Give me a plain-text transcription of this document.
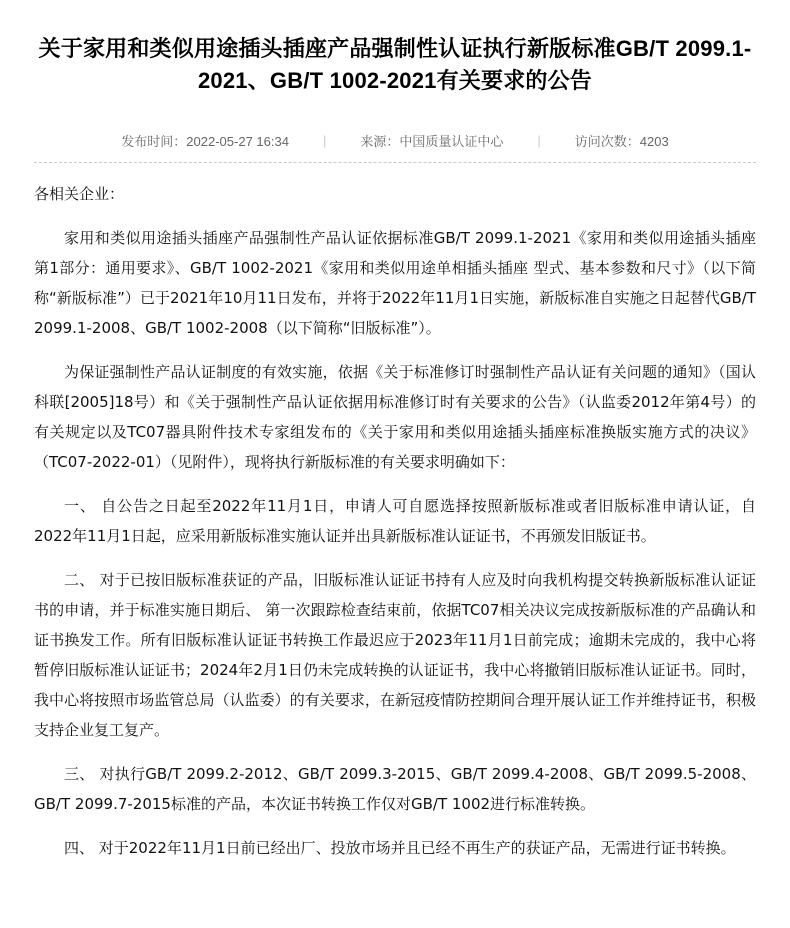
关于家用和类似用途插头插座产品强制性认证执行新版标准GB/T 2099.1-2021、GB/T 1002-2021有关要求的公告
发布时间：2022-05-27 16:34	|	来源：中国质量认证中心	|	访问次数：4203

各相关企业：

家用和类似用途插头插座产品强制性产品认证依据标准GB/T 2099.1-2021《家用和类似用途插头插座 第1部分：通用要求》、GB/T 1002-2021《家用和类似用途单相插头插座 型式、基本参数和尺寸》（以下简称“新版标准”）已于2021年10月11日发布，并将于2022年11月1日实施，新版标准自实施之日起替代GB/T 2099.1-2008、GB/T 1002-2008（以下简称“旧版标准”）。

为保证强制性产品认证制度的有效实施，依据《关于标准修订时强制性产品认证有关问题的通知》（国认科联[2005]18号）和《关于强制性产品认证依据用标准修订时有关要求的公告》（认监委2012年第4号）的有关规定以及TC07器具附件技术专家组发布的《关于家用和类似用途插头插座标准换版实施方式的决议》（TC07-2022-01）（见附件），现将执行新版标准的有关要求明确如下：

一、 自公告之日起至2022年11月1日，申请人可自愿选择按照新版标准或者旧版标准申请认证，自2022年11月1日起，应采用新版标准实施认证并出具新版标准认证证书，不再颁发旧版证书。

二、 对于已按旧版标准获证的产品，旧版标准认证证书持有人应及时向我机构提交转换新版标准认证证书的申请，并于标准实施日期后、 第一次跟踪检查结束前，依据TC07相关决议完成按新版标准的产品确认和证书换发工作。所有旧版标准认证证书转换工作最迟应于2023年11月1日前完成；逾期未完成的，我中心将暂停旧版标准认证证书；2024年2月1日仍未完成转换的认证证书，我中心将撤销旧版标准认证证书。同时，我中心将按照市场监管总局（认监委）的有关要求，在新冠疫情防控期间合理开展认证工作并维持证书，积极支持企业复工复产。

三、 对执行GB/T 2099.2-2012、GB/T 2099.3-2015、GB/T 2099.4-2008、GB/T 2099.5-2008、GB/T 2099.7-2015标准的产品，本次证书转换工作仅对GB/T 1002进行标准转换。

四、 对于2022年11月1日前已经出厂、投放市场并且已经不再生产的获证产品，无需进行证书转换。
